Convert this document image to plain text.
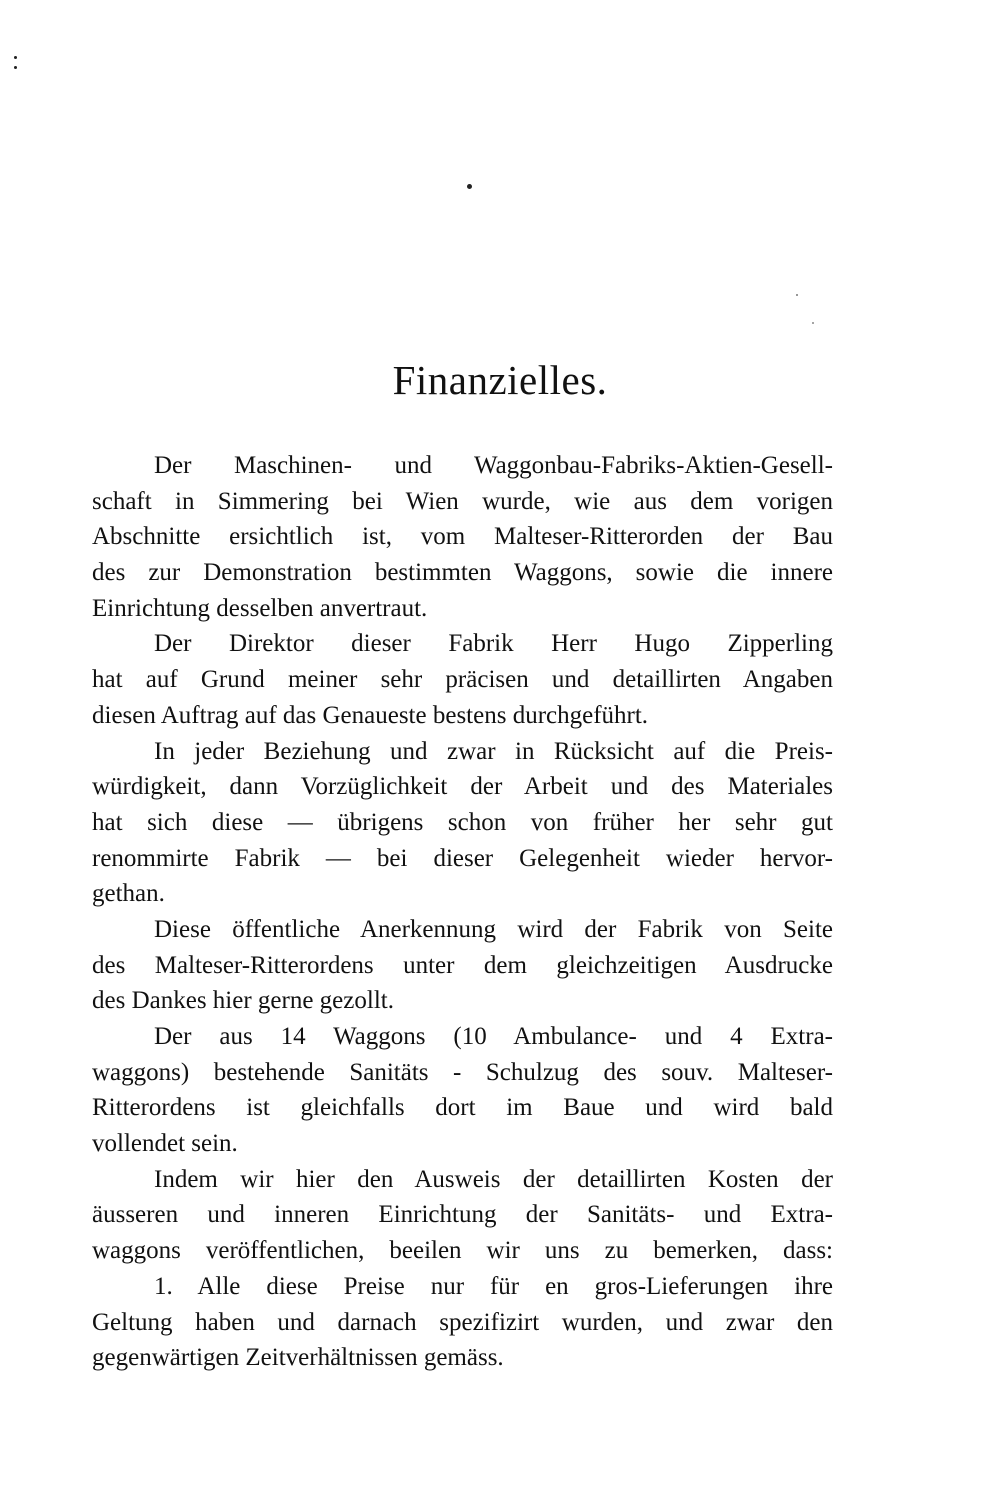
Finanzielles.
Der Maschinen- und Waggonbau-Fabriks-Aktien-Gesell-
schaft in Simmering bei Wien wurde, wie aus dem vorigen
Abschnitte ersichtlich ist, vom Malteser-Ritterorden der Bau
des zur Demonstration bestimmten Waggons, sowie die innere
Einrichtung desselben anvertraut.
Der Direktor dieser Fabrik Herr Hugo Zipperling
hat auf Grund meiner sehr präcisen und detaillirten Angaben
diesen Auftrag auf das Genaueste bestens durchgeführt.
In jeder Beziehung und zwar in Rücksicht auf die Preis-
würdigkeit, dann Vorzüglichkeit der Arbeit und des Materiales
hat sich diese — übrigens schon von früher her sehr gut
renommirte Fabrik — bei dieser Gelegenheit wieder hervor-
gethan.
Diese öffentliche Anerkennung wird der Fabrik von Seite
des Malteser-Ritterordens unter dem gleichzeitigen Ausdrucke
des Dankes hier gerne gezollt.
Der aus 14 Waggons (10 Ambulance- und 4 Extra-
waggons) bestehende Sanitäts - Schulzug des souv. Malteser-
Ritterordens ist gleichfalls dort im Baue und wird bald
vollendet sein.
Indem wir hier den Ausweis der detaillirten Kosten der
äusseren und inneren Einrichtung der Sanitäts- und Extra-
waggons veröffentlichen, beeilen wir uns zu bemerken, dass:
1. Alle diese Preise nur für en gros-Lieferungen ihre
Geltung haben und darnach spezifizirt wurden, und zwar den
gegenwärtigen Zeitverhältnissen gemäss.
